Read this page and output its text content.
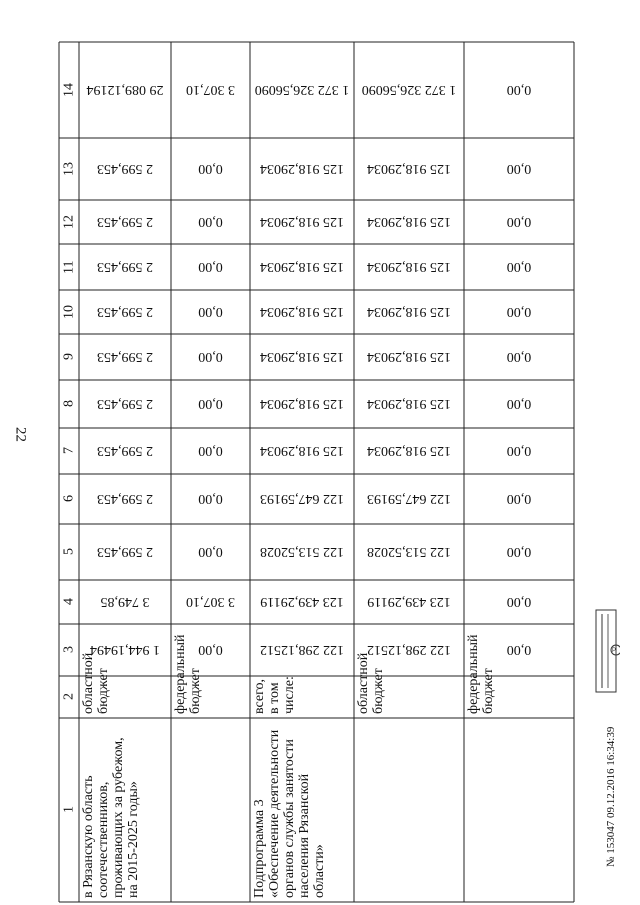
22
Р
№ 153047 09.12.2016 16:34:39
1
2
3
4
5
6
7
8
9
10
11
12
13
14
в Рязанскую область соотечественников, проживающих за рубежом, на 2015-2025 годы»
областной бюджет
1 944,19494
3 749,85
2 599,453
2 599,453
2 599,453
2 599,453
2 599,453
2 599,453
2 599,453
2 599,453
2 599,453
29 089,12194
федеральный бюджет
0,00
3 307,10
0,00
0,00
0,00
0,00
0,00
0,00
0,00
0,00
0,00
3 307,10
Подпрограмма 3 «Обеспечение деятельности органов службы занятости населения Рязанской области»
всего, в том числе:
122 298,12512
123 439,29119
122 513,52028
122 647,59193
125 918,29034
125 918,29034
125 918,29034
125 918,29034
125 918,29034
125 918,29034
125 918,29034
1 372 326,56090
областной бюджет
122 298,12512
123 439,29119
122 513,52028
122 647,59193
125 918,29034
125 918,29034
125 918,29034
125 918,29034
125 918,29034
125 918,29034
125 918,29034
1 372 326,56090
федеральный бюджет
0,00
0,00
0,00
0,00
0,00
0,00
0,00
0,00
0,00
0,00
0,00
0,00
